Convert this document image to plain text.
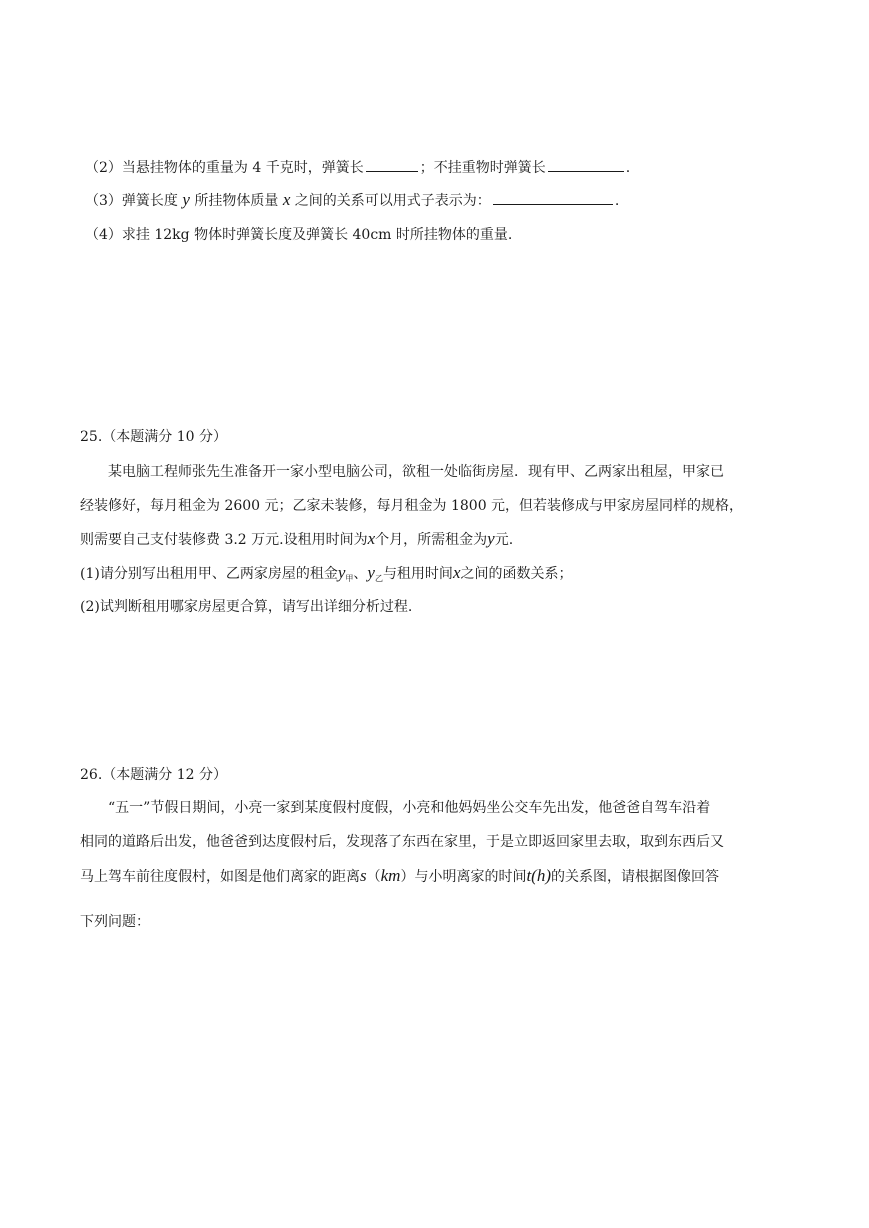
（2）当悬挂物体的重量为 4 千克时，弹簧长	；不挂重物时弹簧长	.
（3）弹簧长度 y 所挂物体质量 x 之间的关系可以用式子表示为：	.
（4）求挂 12kg 物体时弹簧长度及弹簧长 40cm 时所挂物体的重量.
25.（本题满分 10 分）
某电脑工程师张先生准备开一家小型电脑公司，欲租一处临街房屋．现有甲、乙两家出租屋，甲家已
经装修好，每月租金为 2600 元；乙家未装修，每月租金为 1800 元，但若装修成与甲家房屋同样的规格，
则需要自己支付装修费 3.2 万元.设租用时间为x个月，所需租金为y元.
(1)请分别写出租用甲、乙两家房屋的租金$y_甲$、$y_乙$与租用时间x之间的函数关系；
(2)试判断租用哪家房屋更合算，请写出详细分析过程.
26.（本题满分 12 分）
“五一”节假日期间，小亮一家到某度假村度假，小亮和他妈妈坐公交车先出发，他爸爸自驾车沿着
相同的道路后出发，他爸爸到达度假村后，发现落了东西在家里，于是立即返回家里去取，取到东西后又
马上驾车前往度假村，如图是他们离家的距离s（km）与小明离家的时间t(h)的关系图，请根据图像回答
下列问题：
